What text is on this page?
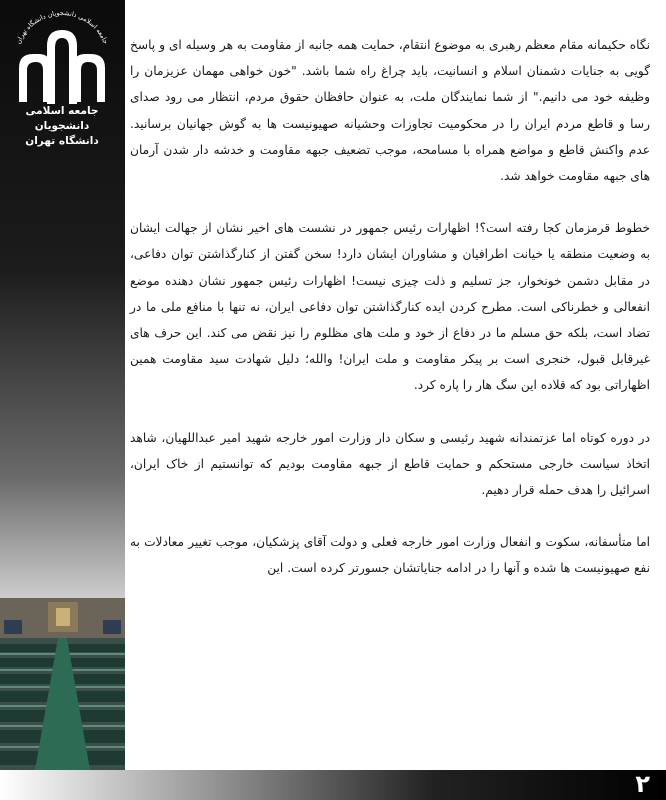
جامعه اسلامی دانشجویان دانشگاه تهران
جامعه اسلامی دانشجویان
دانشگاه تهران

نگاه حکیمانه مقام معظم رهبری به موضوع انتقام، حمایت همه جانبه از مقاومت به هر وسیله ای و پاسخ گویی به جنایات دشمنان اسلام و انسانیت، باید چراغ راه شما باشد. "خون خواهی مهمان عزیزمان را وظیفه خود می دانیم." از شما نمایندگان ملت، به عنوان حافظان حقوق مردم، انتظار می رود صدای رسا و قاطع مردم ایران را در محکومیت تجاوزات وحشیانه صهیونیست ها به گوش جهانیان برسانید. عدم واکنش قاطع و مواضع همراه با مسامحه، موجب تضعیف جبهه مقاومت و خدشه دار شدن آرمان های جبهه مقاومت خواهد شد.

خطوط قرمزمان کجا رفته است؟! اظهارات رئیس جمهور در نشست های اخیر نشان از جهالت ایشان به وضعیت منطقه یا خیانت اطرافیان و مشاوران ایشان دارد! سخن گفتن از کنارگذاشتن توان دفاعی، در مقابل دشمن خونخوار، جز تسلیم و ذلت چیزی نیست! اظهارات رئیس جمهور نشان دهنده موضع انفعالی و خطرناکی است. مطرح کردن ایده کنارگذاشتن توان دفاعی ایران، نه تنها با منافع ملی ما در تضاد است، بلکه حق مسلم ما در دفاع از خود و ملت های مظلوم را نیز نقض می کند. این حرف های غیرقابل قبول، خنجری است بر پیکر مقاومت و ملت ایران! والله؛ دلیل شهادت سید مقاومت همین اظهاراتی بود که قلاده این سگ هار را پاره کرد.

در دوره کوتاه اما عزتمندانه شهید رئیسی و سکان دار وزارت امور خارجه شهید امیر عبداللهیان، شاهد اتخاذ سیاست خارجی مستحکم و حمایت قاطع از جبهه مقاومت بودیم که توانستیم از خاک ایران، اسرائیل را هدف حمله قرار دهیم.

اما متأسفانه، سکوت و انفعال وزارت امور خارجه فعلی و دولت آقای پزشکیان، موجب تغییر معادلات به نفع صهیونیست ها شده و آنها را در ادامه جنایاتشان جسورتر کرده است. این

۲
